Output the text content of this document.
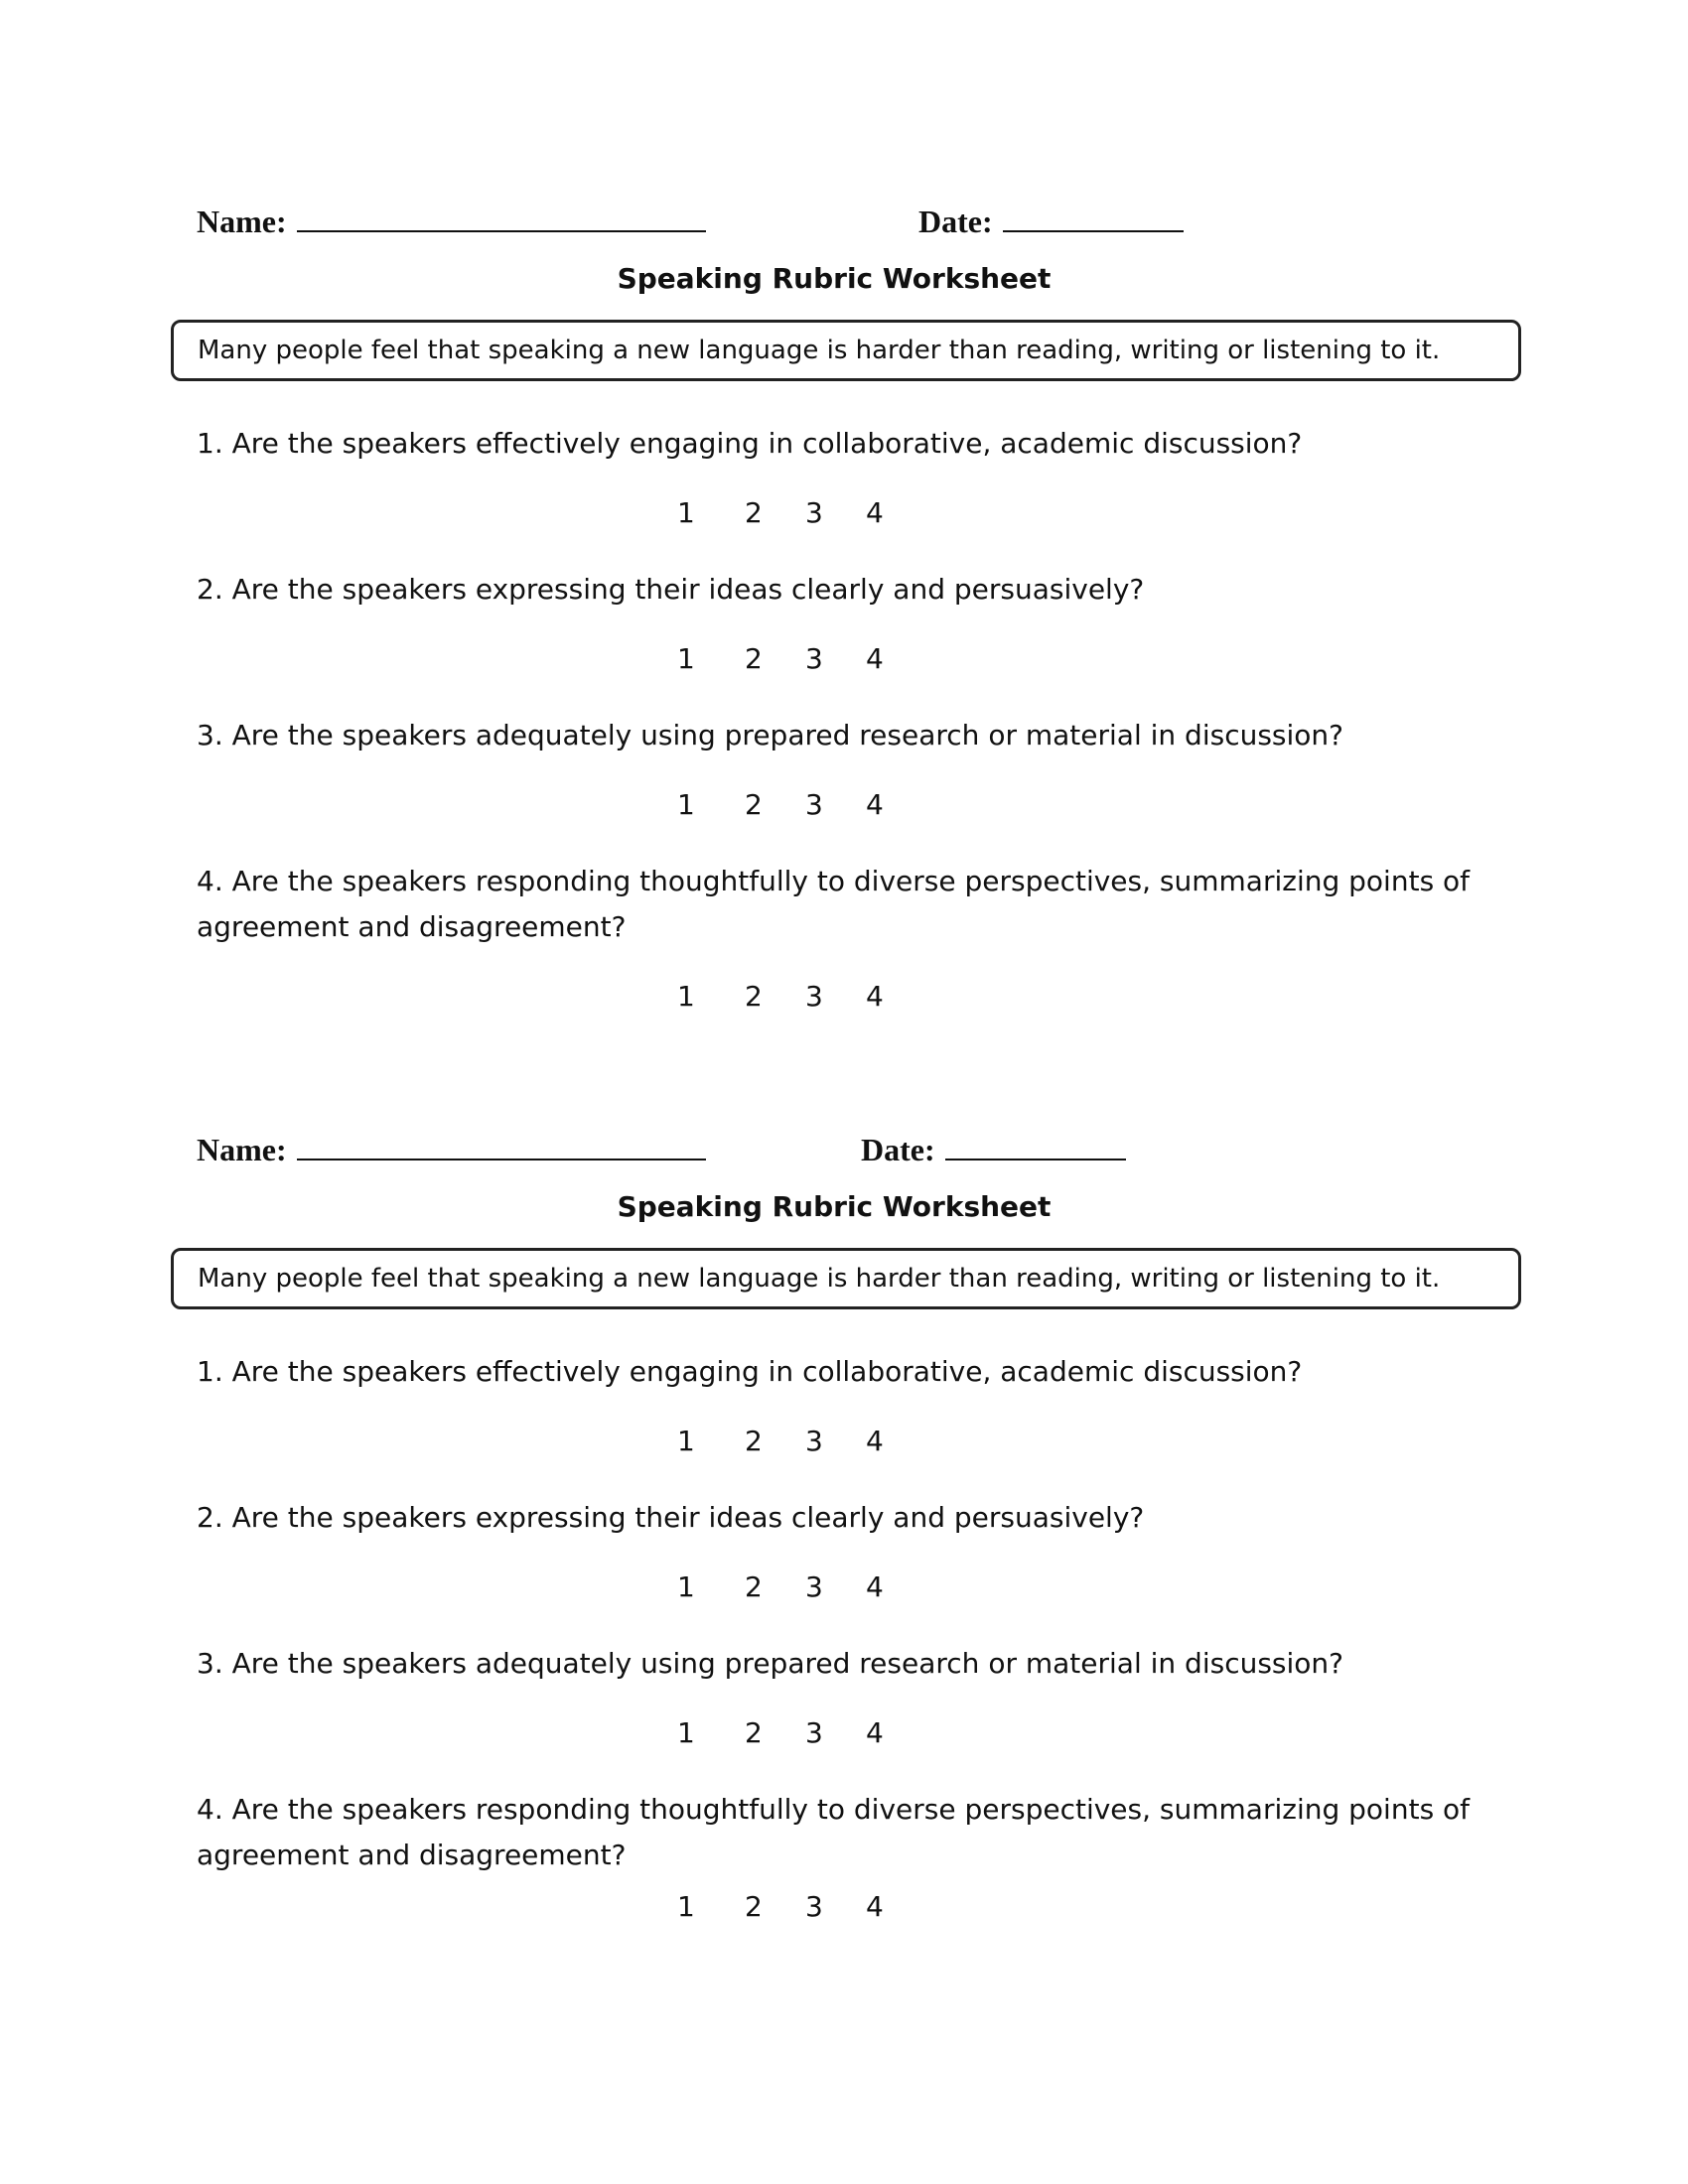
Name:	Date:
Speaking Rubric Worksheet
Many people feel that speaking a new language is harder than reading, writing or listening to it.
1. Are the speakers effectively engaging in collaborative, academic discussion?
1 2 3 4
2. Are the speakers expressing their ideas clearly and persuasively?
1 2 3 4
3. Are the speakers adequately using prepared research or material in discussion?
1 2 3 4
4. Are the speakers responding thoughtfully to diverse perspectives, summarizing points of agreement and disagreement?
1 2 3 4
Name:	Date:
Speaking Rubric Worksheet
Many people feel that speaking a new language is harder than reading, writing or listening to it.
1. Are the speakers effectively engaging in collaborative, academic discussion?
1 2 3 4
2. Are the speakers expressing their ideas clearly and persuasively?
1 2 3 4
3. Are the speakers adequately using prepared research or material in discussion?
1 2 3 4
4. Are the speakers responding thoughtfully to diverse perspectives, summarizing points of agreement and disagreement?
1 2 3 4
